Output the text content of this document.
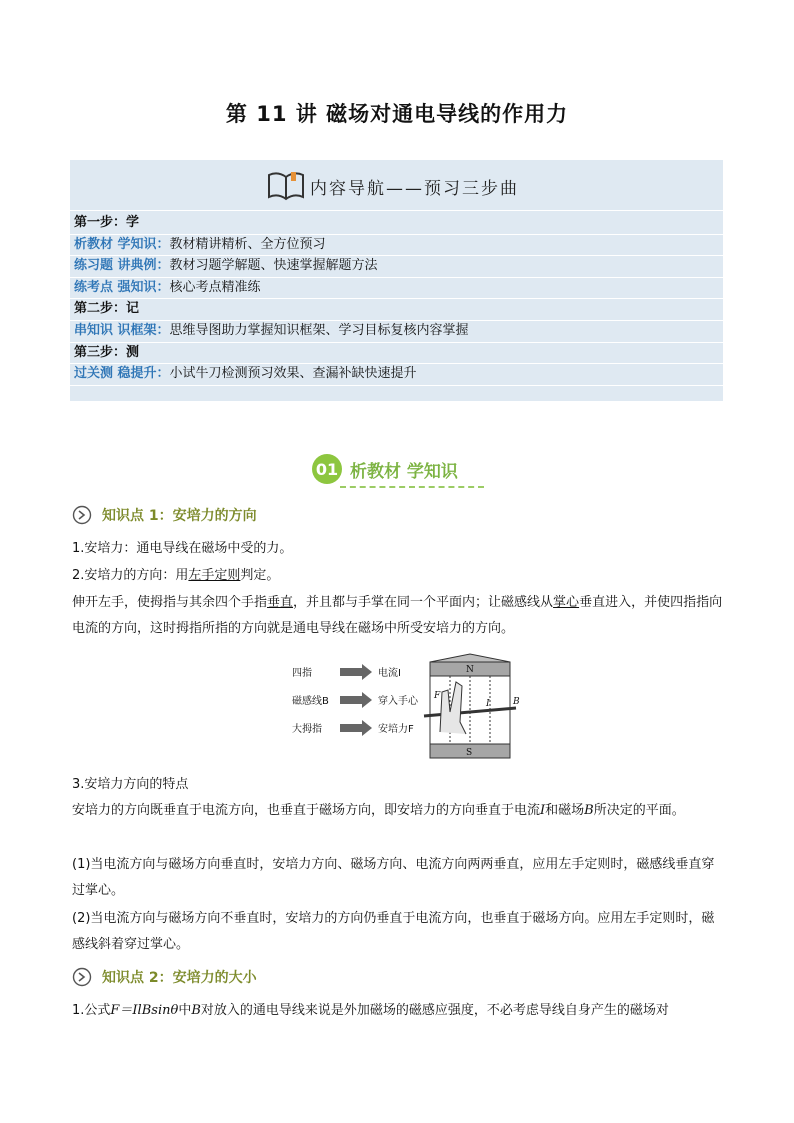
第 11 讲 磁场对通电导线的作用力
内容导航——预习三步曲
第一步：学
析教材 学知识：教材精讲精析、全方位预习
练习题 讲典例：教材习题学解题、快速掌握解题方法
练考点 强知识：核心考点精准练
第二步：记
串知识 识框架：思维导图助力掌握知识框架、学习目标复核内容掌握
第三步：测
过关测 稳提升：小试牛刀检测预习效果、查漏补缺快速提升
01 析教材 学知识
知识点 1：安培力的方向
1.安培力：通电导线在磁场中受的力。
2.安培力的方向：用左手定则判定。
伸开左手，使拇指与其余四个手指垂直，并且都与手掌在同一个平面内；让磁感线从掌心垂直进入，并使四指指向电流的方向，这时拇指所指的方向就是通电导线在磁场中所受安培力的方向。
四指
磁感线B
大拇指
电流I
穿入手心
安培力F
N
S
F
I	B
3.安培力方向的特点
安培力的方向既垂直于电流方向，也垂直于磁场方向，即安培力的方向垂直于电流I和磁场B所决定的平面。
(1)当电流方向与磁场方向垂直时，安培力方向、磁场方向、电流方向两两垂直，应用左手定则时，磁感线垂直穿过掌心。
(2)当电流方向与磁场方向不垂直时，安培力的方向仍垂直于电流方向，也垂直于磁场方向。应用左手定则时，磁感线斜着穿过掌心。
知识点 2：安培力的大小
1.公式F＝IlBsinθ中B对放入的通电导线来说是外加磁场的磁感应强度，不必考虑导线自身产生的磁场对
